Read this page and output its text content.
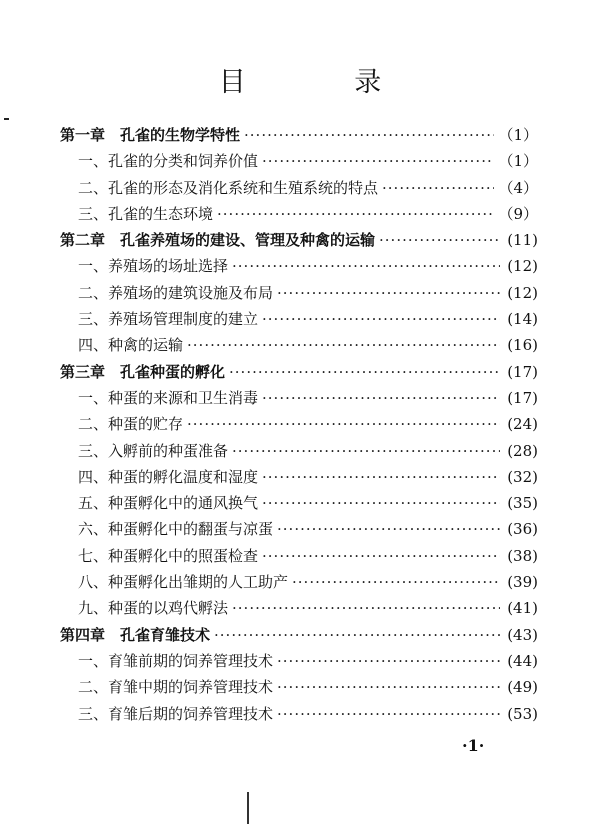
目 录
第一章　孔雀的生物学特性 ·····	（1）
一、孔雀的分类和饲养价值 ·····	（1）
二、孔雀的形态及消化系统和生殖系统的特点 ·····	（4）
三、孔雀的生态环境 ·····	（9）
第二章　孔雀养殖场的建设、管理及种禽的运输 ·····	(11)
一、养殖场的场址选择 ·····	(12)
二、养殖场的建筑设施及布局 ·····	(12)
三、养殖场管理制度的建立 ·····	(14)
四、种禽的运输 ·····	(16)
第三章　孔雀种蛋的孵化 ·····	(17)
一、种蛋的来源和卫生消毒 ·····	(17)
二、种蛋的贮存 ·····	(24)
三、入孵前的种蛋准备 ·····	(28)
四、种蛋的孵化温度和湿度 ·····	(32)
五、种蛋孵化中的通风换气 ·····	(35)
六、种蛋孵化中的翻蛋与凉蛋 ·····	(36)
七、种蛋孵化中的照蛋检查 ·····	(38)
八、种蛋孵化出雏期的人工助产 ·····	(39)
九、种蛋的以鸡代孵法 ·····	(41)
第四章　孔雀育雏技术 ·····	(43)
一、育雏前期的饲养管理技术 ·····	(44)
二、育雏中期的饲养管理技术 ·····	(49)
三、育雏后期的饲养管理技术 ·····	(53)
·1·
